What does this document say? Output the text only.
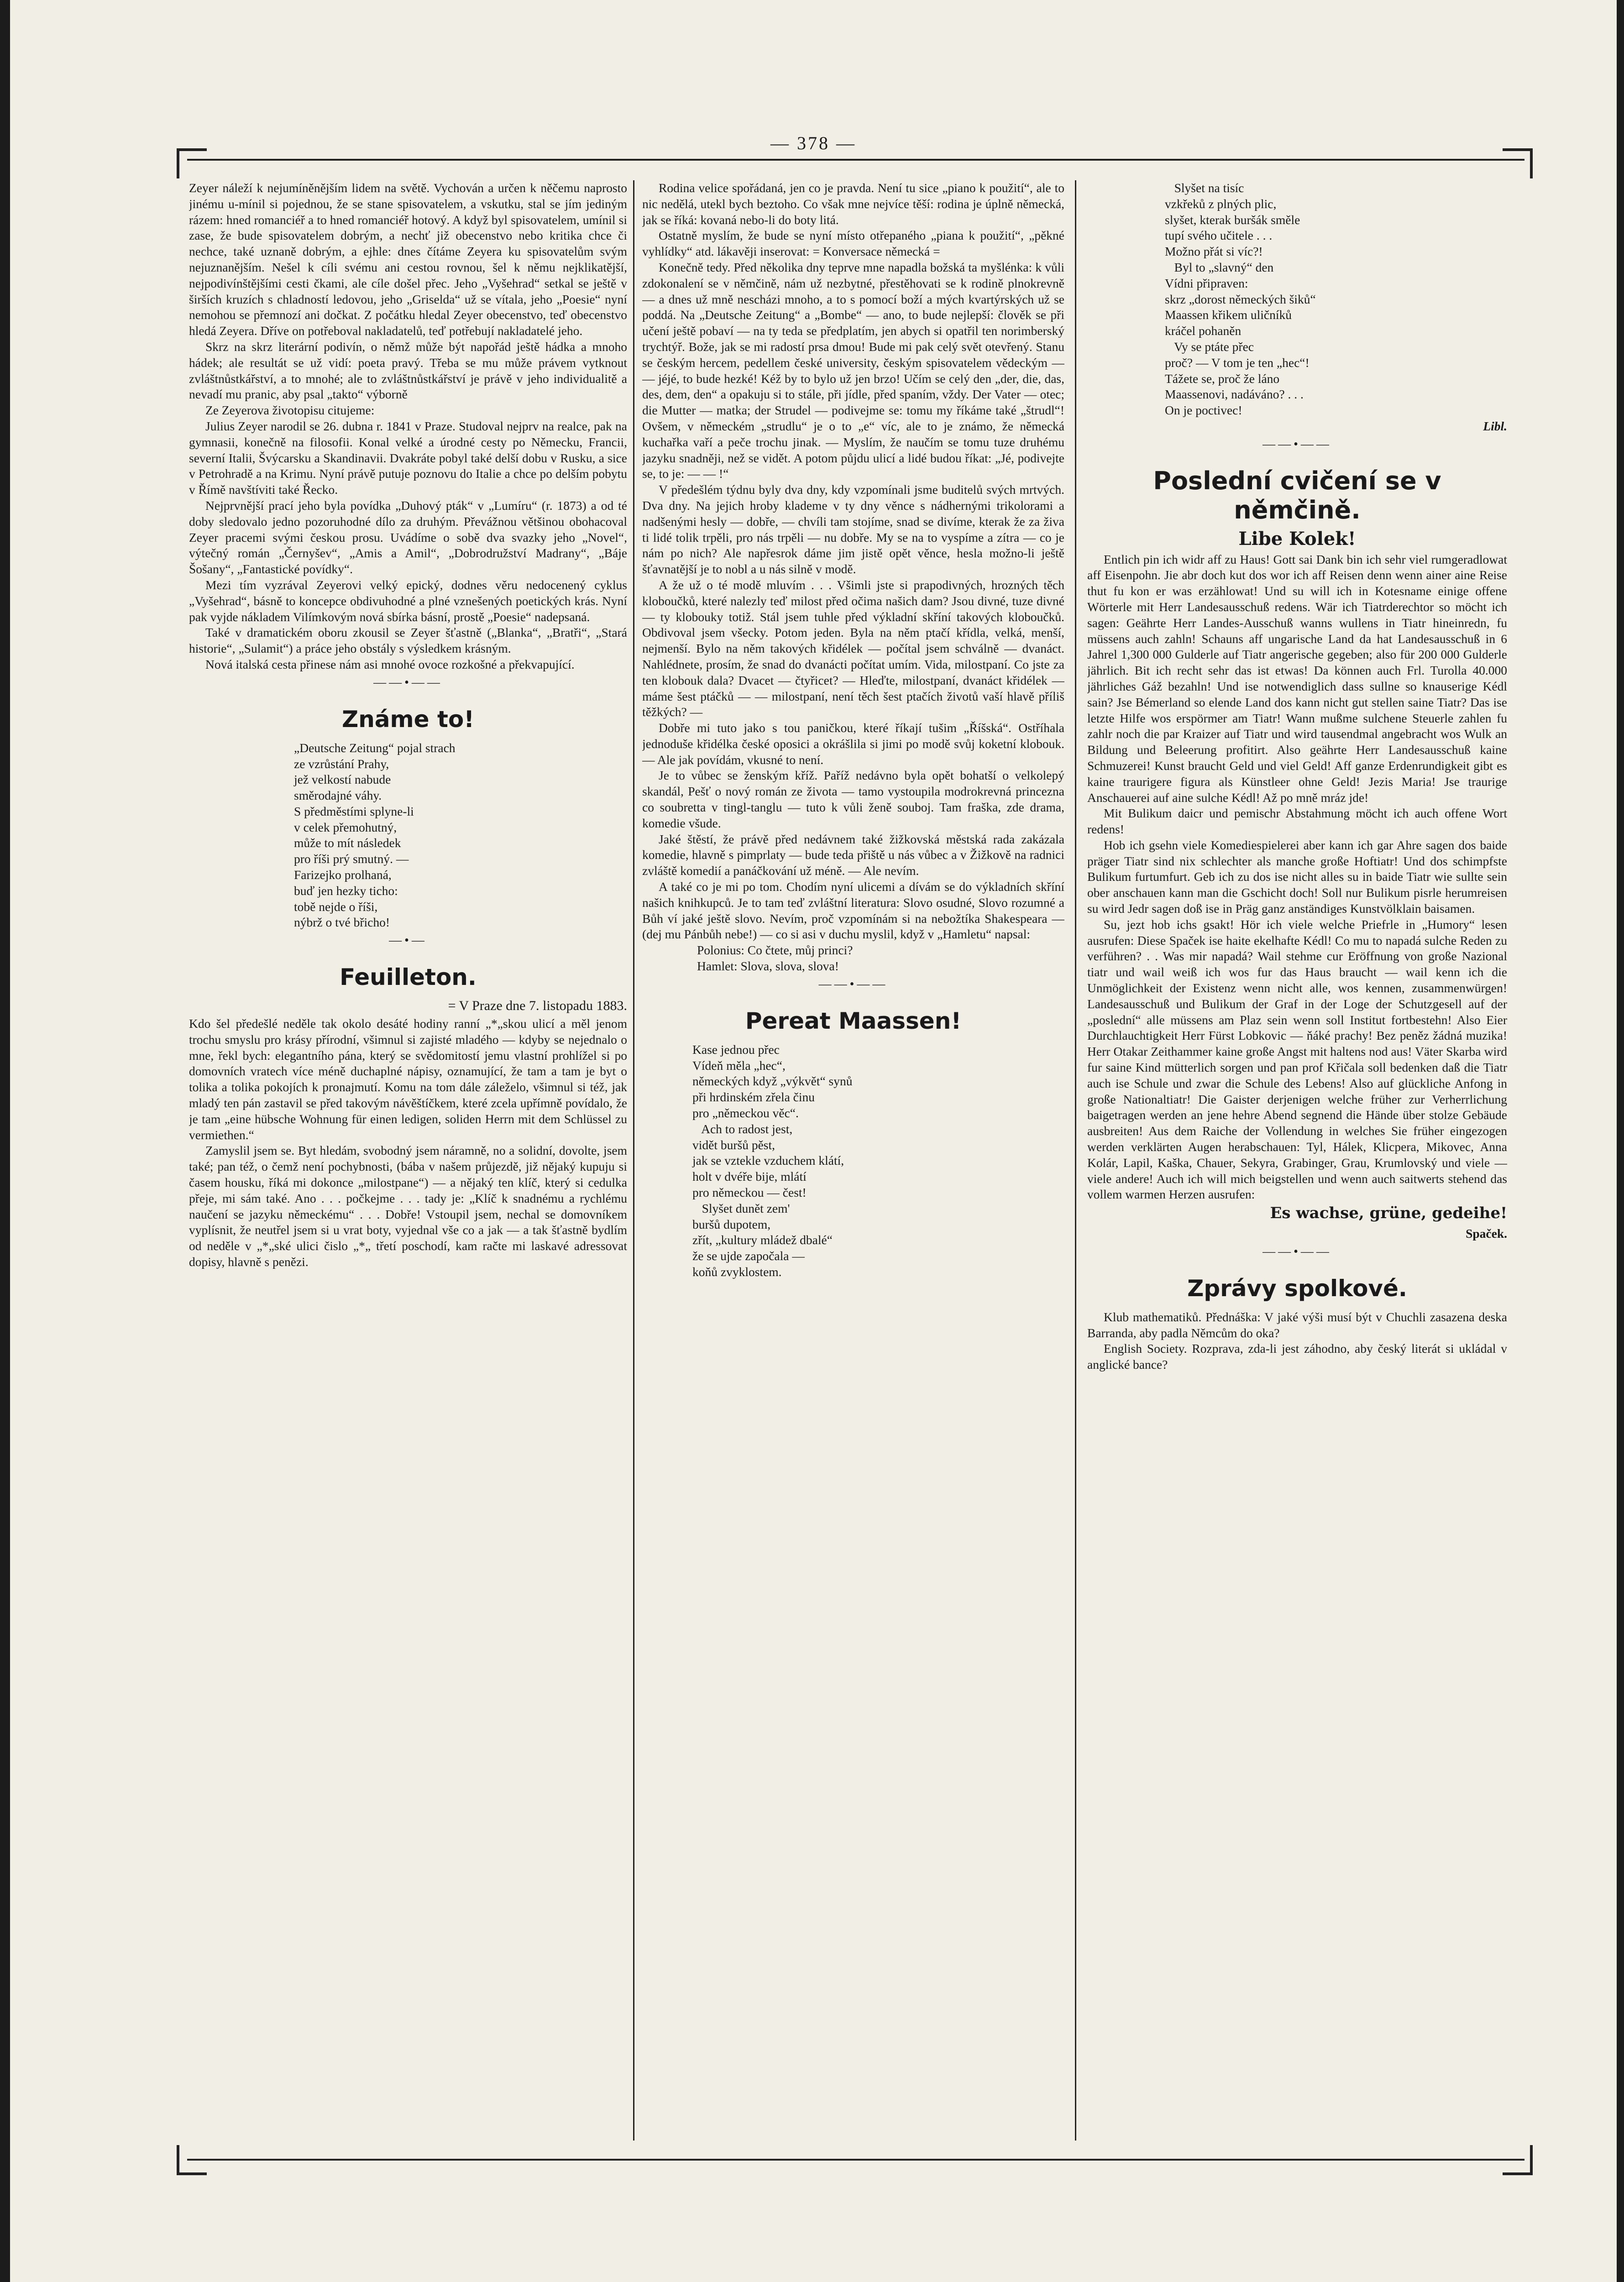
— 378 —

Zeyer náleží k nejumíněnějším lidem na světě. Vychován a určen k něčemu naprosto jinému u-mínil si pojednou, že se stane spisovatelem, a vskutku, stal se jím jediným rázem: hned romanciéř a to hned romanciéř hotový. A když byl spisovatelem, umínil si zase, že bude spisovatelem dobrým, a nechť již obecenstvo nebo kritika chce či nechce, také uznaně dobrým, a ejhle: dnes čítáme Zeyera ku spisovatelům svým nejuznanějším. Nešel k cíli svému ani cestou rovnou, šel k němu nejklikatější, nejpodivínštějšími cesti čkami, ale cíle došel přec. Jeho „Vyšehrad“ setkal se ještě v širších kruzích s chladností ledovou, jeho „Griselda“ už se vítala, jeho „Poesie“ nyní nemohou se přemnozí ani dočkat. Z počátku hledal Zeyer obecenstvo, teď obecenstvo hledá Zeyera. Dříve on potřeboval nakladatelů, teď potřebují nakladatelé jeho.

Skrz na skrz literární podivín, o němž může být napořád ještě hádka a mnoho hádek; ale resultát se už vidí: poeta pravý. Třeba se mu může právem vytknout zvláštnůstkářství, a to mnohé; ale to zvláštnůstkářství je právě v jeho individualitě a nevadí mu pranic, aby psal „takto“ výborně

Ze Zeyerova životopisu citujeme:

Julius Zeyer narodil se 26. dubna r. 1841 v Praze. Studoval nejprv na realce, pak na gymnasii, konečně na filosofii. Konal velké a úrodné cesty po Německu, Francii, severní Italii, Švýcarsku a Skandinavii. Dvakráte pobyl také delší dobu v Rusku, a sice v Petrohradě a na Krimu. Nyní právě putuje poznovu do Italie a chce po delším pobytu v Římě navštíviti také Řecko.

Nejprvnější prací jeho byla povídka „Duhový pták“ v „Lumíru“ (r. 1873) a od té doby sledovalo jedno pozoruhodné dílo za druhým. Převážnou většinou obohacoval Zeyer pracemi svými českou prosu. Uvádíme o sobě dva svazky jeho „Novel“, výtečný román „Černyšev“, „Amis a Amil“, „Dobrodružství Madrany“, „Báje Šošany“, „Fantastické povídky“.

Mezi tím vyzrával Zeyerovi velký epický, dodnes věru nedocenený cyklus „Vyšehrad“, básně to koncepce obdivuhodné a plné vznešených poetických krás. Nyní pak vyjde nákladem Vilímkovým nová sbírka básní, prostě „Poesie“ nadepsaná.

Také v dramatickém oboru zkousil se Zeyer šťastně („Blanka“, „Bratři“, „Stará historie“, „Sulamit“) a práce jeho obstály s výsledkem krásným.

Nová italská cesta přinese nám asi mnohé ovoce rozkošné a překvapující.

——•——
Známe to!
„Deutsche Zeitung“ pojal strach
ze vzrůstání Prahy,
jež velkostí nabude
směrodajné váhy.
S předměstími splyne-li
v celek přemohutný,
může to mít následek
pro říši prý smutný. —
Farizejko prolhaná,
buď jen hezky ticho:
tobě nejde o říši,
nýbrž o tvé břicho!
—•—
Feuilleton.
= V Praze dne 7. listopadu 1883.

Kdo šel předešlé neděle tak okolo desáté hodiny ranní „*„skou ulicí a měl jenom trochu smyslu pro krásy přírodní, všimnul si zajisté mladého — kdyby se nejednalo o mne, řekl bych: elegantního pána, který se svědomitostí jemu vlastní prohlížel si po domovních vratech více méně duchaplné nápisy, oznamující, že tam a tam je byt o tolika a tolika pokojích k pronajmutí. Komu na tom dále záleželo, všimnul si též, jak mladý ten pán zastavil se před takovým návěštíčkem, které zcela upřímně povídalo, že je tam „eine hübsche Wohnung für einen ledigen, soliden Herrn mit dem Schlüssel zu vermiethen.“

Zamyslil jsem se. Byt hledám, svobodný jsem náramně, no a solidní, dovolte, jsem také; pan též, o čemž není pochybnosti, (bába v našem průjezdě, již nějaký kupuju si časem housku, říká mi dokonce „milostpane“) — a nějaký ten klíč, který si cedulka přeje, mi sám také. Ano . . . počkejme . . . tady je: „Klíč k snadnému a rychlému naučení se jazyku německému“ . . . Dobře! Vstoupil jsem, nechal se domovníkem vyplísnit, že neutřel jsem si u vrat boty, vyjednal vše co a jak — a tak šťastně bydlím od neděle v „*„ské ulici čislo „*„ třetí poschodí, kam račte mi laskavé adressovat dopisy, hlavně s penězi.

Rodina velice spořádaná, jen co je pravda. Není tu sice „piano k použití“, ale to nic nedělá, utekl bych beztoho. Co však mne nejvíce těší: rodina je úplně německá, jak se říká: kovaná nebo-li do boty litá.

Ostatně myslím, že bude se nyní místo otřepaného „piana k použití“, „pěkné vyhlídky“ atd. lákavěji inserovat: = Konversace německá =

Konečně tedy. Před několika dny teprve mne napadla božská ta myšlénka: k vůli zdokonalení se v němčině, nám už nezbytné, přestěhovati se k rodině plnokrevně — a dnes už mně nescházi mnoho, a to s pomocí boží a mých kvartýrských už se poddá. Na „Deutsche Zeitung“ a „Bombe“ — ano, to bude nejlepší: člověk se při učení ještě pobaví — na ty teda se předplatím, jen abych si opatřil ten norimberský trychtýř. Bože, jak se mi radostí prsa dmou! Bude mi pak celý svět otevřený. Stanu se českým hercem, pedellem české university, českým spisovatelem vědeckým — — jéjé, to bude hezké! Kéž by to bylo už jen brzo! Učím se celý den „der, die, das, des, dem, den“ a opakuju si to stále, při jídle, před spaním, vždy. Der Vater — otec; die Mutter — matka; der Strudel — podivejme se: tomu my říkáme také „štrudl“! Ovšem, v německém „strudlu“ je o to „e“ víc, ale to je známo, že německá kuchařka vaří a peče trochu jinak. — Myslím, že naučím se tomu tuze druhému jazyku snadněji, než se vidět. A potom půjdu ulicí a lidé budou říkat: „Jé, podivejte se, to je: — — !“

V předešlém týdnu byly dva dny, kdy vzpomínali jsme buditelů svých mrtvých. Dva dny. Na jejich hroby klademe v ty dny věnce s nádhernými trikolorami a nadšenými hesly — dobře, — chvíli tam stojíme, snad se divíme, kterak že za živa ti lidé tolik trpěli, pro nás trpěli — nu dobře. My se na to vyspíme a zítra — co je nám po nich? Ale napřesrok dáme jim jistě opět věnce, hesla možno-li ještě šťavnatější je to nobl a u nás silně v modě.

A že už o té modě mluvím . . . Všimli jste si prapodivných, hrozných těch kloboučků, které nalezly teď milost před očima našich dam? Jsou divné, tuze divné — ty klobouky totiž. Stál jsem tuhle před výkladní skříní takových kloboučků. Obdivoval jsem všecky. Potom jeden. Byla na něm ptačí křídla, velká, menší, nejmenší. Bylo na něm takových křidélek — počítal jsem schválně — dvanáct. Nahlédnete, prosím, že snad do dvanácti počítat umím. Vida, milostpaní. Co jste za ten klobouk dala? Dvacet — čtyřicet? — Hleďte, milostpaní, dvanáct křidélek — máme šest ptáčků — — milostpaní, není těch šest ptačích životů vaší hlavě příliš těžkých? —

Dobře mi tuto jako s tou paničkou, které říkají tušim „Říšská“. Ostříhala jednoduše křidélka české oposici a okrášlila si jimi po modě svůj koketní klobouk. — Ale jak povídám, vkusné to není.

Je to vůbec se ženským kříž. Paříž nedávno byla opět bohatší o velkolepý skandál, Pešť o nový román ze života — tamo vystoupila modrokrevná princezna co soubretta v tingl-tanglu — tuto k vůli ženě souboj. Tam fraška, zde drama, komedie všude.

Jaké štěstí, že právě před nedávnem také žižkovská městská rada zakázala komedie, hlavně s pimprlaty — bude teda přiště u nás vůbec a v Žižkově na radnici zvláště komedií a panáčkování už méně. — Ale nevím.

A také co je mi po tom. Chodím nyní ulicemi a dívám se do výkladních skříní našich knihkupců. Je to tam teď zvláštní literatura: Slovo osudné, Slovo rozumné a Bůh ví jaké ještě slovo. Nevím, proč vzpomínám si na nebožtíka Shakespeara — (dej mu Pánbůh nebe!) — co si asi v duchu myslil, když v „Hamletu“ napsal:

Polonius: Co čtete, můj princi?
Hamlet: Slova, slova, slova!
——•——
Pereat Maassen!
Kase jednou přec
Vídeň měla „hec“,
německých když „výkvět“ synů
při hrdinském zřela činu
pro „německou věc“.
Ach to radost jest,
vidět buršů pěst,
jak se vztekle vzduchem klátí,
holt v dvéře bije, mlátí
pro německou — čest!
Slyšet dunět zem'
buršů dupotem,
zřít, „kultury mládež dbalé“
že se ujde započala —
koňů zvyklostem.
Slyšet na tisíc
vzkřeků z plných plic,
slyšet, kterak buršák směle
tupí svého učitele . . .
Možno přát si víc?!
Byl to „slavný“ den
Vídni připraven:
skrz „dorost německých šiků“
Maassen křikem uličníků
kráčel pohaněn
Vy se ptáte přec
proč? — V tom je ten „hec“!
Tážete se, proč že láno
Maassenovi, nadáváno? . . .
On je poctivec!
Libl.
——•——
Poslední cvičení se v němčině.
Libe Kolek!

Entlich pin ich widr aff zu Haus! Gott sai Dank bin ich sehr viel rumgeradlowat aff Eisenpohn. Jie abr doch kut dos wor ich aff Reisen denn wenn ainer aine Reise thut fu kon er was erzählowat! Und su will ich in Kotesname einige offene Wörterle mit Herr Landesausschuß redens. Wär ich Tiatrderechtor so möcht ich sagen: Geährte Herr Landes-Ausschuß wanns wullens in Tiatr hineinredn, fu müssens auch zahln! Schauns aff ungarische Land da hat Landesausschuß in 6 Jahrel 1,300 000 Gulderle auf Tiatr angerische gegeben; also für 200 000 Gulderle jährlich. Bit ich recht sehr das ist etwas! Da können auch Frl. Turolla 40.000 jährliches Gáž bezahln! Und ise notwendiglich dass sullne so knauserige Kédl sain? Jse Bémerland so elende Land dos kann nicht gut stellen saine Tiatr? Das ise letzte Hilfe wos erspörmer am Tiatr! Wann mußme sulchene Steuerle zahlen fu zahlr noch die par Kraizer auf Tiatr und wird tausendmal angebracht wos Wulk an Bildung und Beleerung profitirt. Also geährte Herr Landesausschuß kaine Schmuzerei! Kunst braucht Geld und viel Geld! Aff ganze Erdenrundigkeit gibt es kaine traurigere figura als Künstleer ohne Geld! Jezis Maria! Jse traurige Anschauerei auf aine sulche Kédl! Až po mně mráz jde!

Mit Bulikum daicr und pemischr Abstahmung möcht ich auch offene Wort redens!

Hob ich gsehn viele Komediespielerei aber kann ich gar Ahre sagen dos baide präger Tiatr sind nix schlechter als manche große Hoftiatr! Und dos schimpfste Bulikum furtumfurt. Geb ich zu dos ise nicht alles su in baide Tiatr wie sullte sein ober anschauen kann man die Gschicht doch! Soll nur Bulikum pisrle herumreisen su wird Jedr sagen doß ise in Präg ganz anständiges Kunstvölklain baisamen.

Su, jezt hob ichs gsakt! Hör ich viele welche Priefrle in „Humory“ lesen ausrufen: Diese Spaček ise haite ekelhafte Kédl! Co mu to napadá sulche Reden zu verführen? . . Was mir napadá? Wail stehme cur Eröffnung von große Nazional tiatr und wail weiß ich wos fur das Haus braucht — wail kenn ich die Unmöglichkeit der Existenz wenn nicht alle, wos kennen, zusammenwürgen! Landesausschuß und Bulikum der Graf in der Loge der Schutzgesell auf der „poslední“ alle müssens am Plaz sein wenn soll Institut fortbestehn! Also Eier Durchlauchtigkeit Herr Fürst Lobkovic — ňáké prachy! Bez peněz žádná muzika! Herr Otakar Zeithammer kaine große Angst mit haltens nod aus! Väter Skarba wird fur saine Kind mütterlich sorgen und pan prof Křičala soll bedenken daß die Tiatr auch ise Schule und zwar die Schule des Lebens! Also auf glückliche Anfong in große Nationaltiatr! Die Gaister derjenigen welche früher zur Verherrlichung baigetragen werden an jene hehre Abend segnend die Hände über stolze Gebäude ausbreiten! Aus dem Raiche der Vollendung in welches Sie früher eingezogen werden verklärten Augen herabschauen: Tyl, Hálek, Klicpera, Mikovec, Anna Kolár, Lapil, Kaška, Chauer, Sekyra, Grabinger, Grau, Krumlovský und viele — viele andere! Auch ich will mich beigstellen und wenn auch saitwerts stehend das vollem warmen Herzen ausrufen:

Es wachse, grüne, gedeihe!
Spaček.
——•——
Zprávy spolkové.

Klub mathematiků. Přednáška: V jaké výši musí být v Chuchli zasazena deska Barranda, aby padla Němcům do oka?

English Society. Rozprava, zda-li jest záhodno, aby český literát si ukládal v anglické bance?
